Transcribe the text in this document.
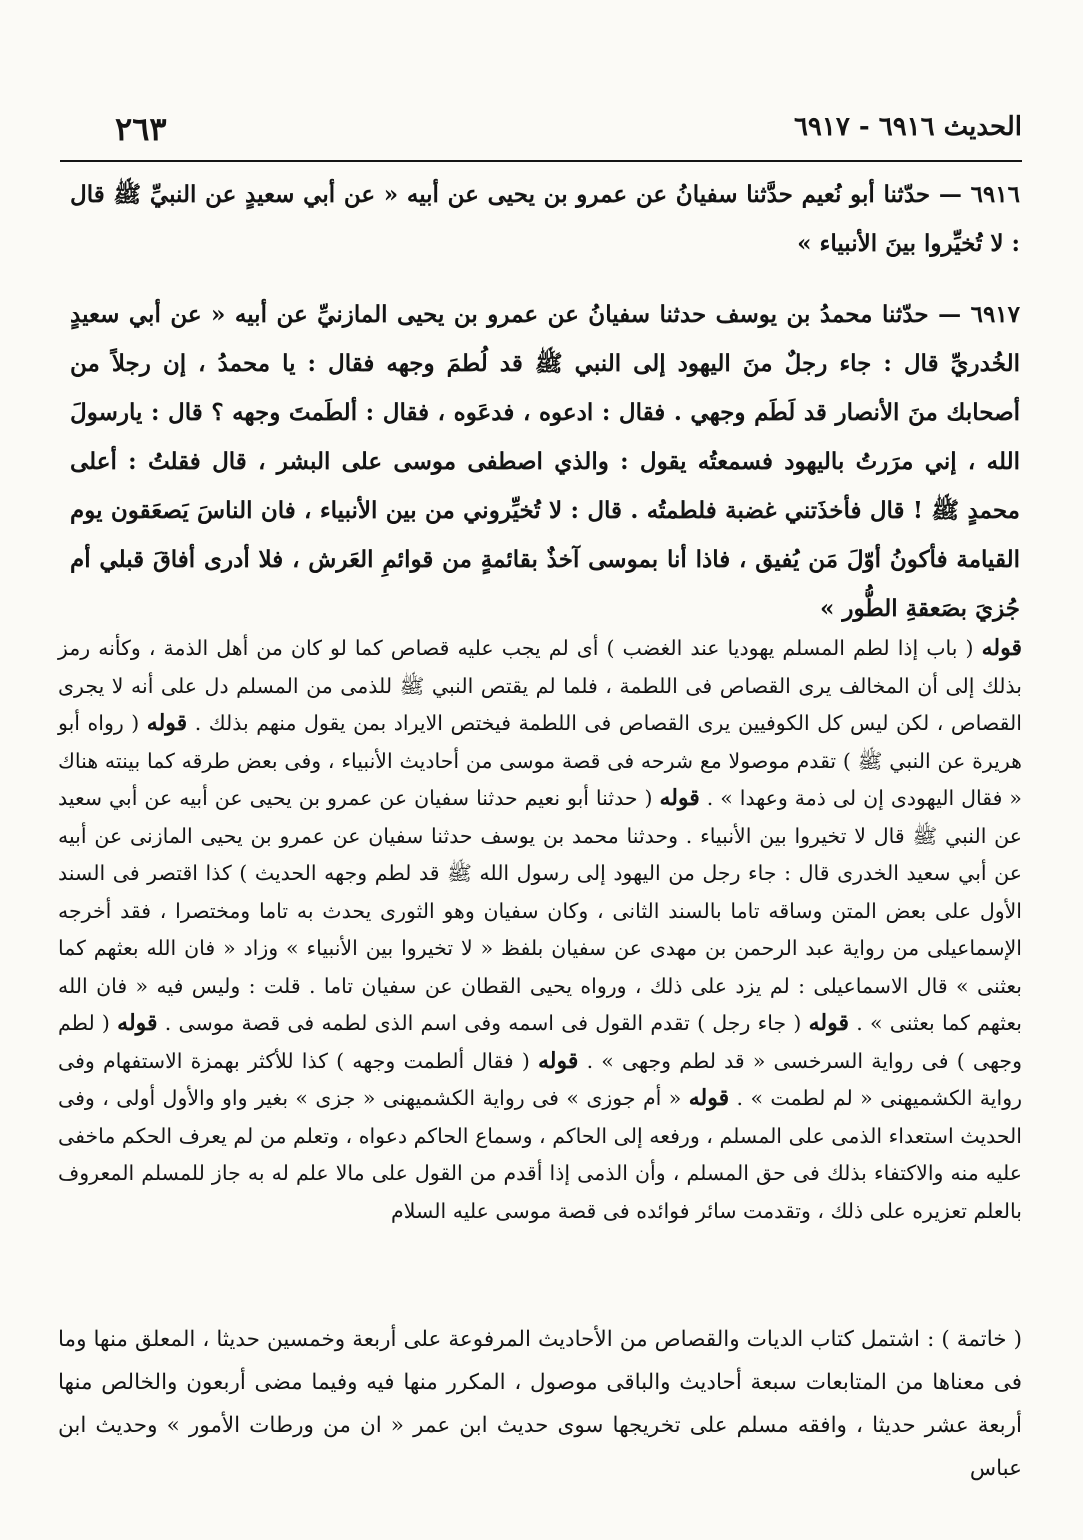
الحديث ٦٩١٦ - ٦٩١٧
٢٦٣
٦٩١٦ — حدّثنا أبو نُعيم حدَّثنا سفيانُ عن عمرو بن يحيى عن أبيه « عن أبي سعيدٍ عن النبيِّ ﷺ قال : لا تُخيِّروا بينَ الأنبياء »
٦٩١٧ — حدّثنا محمدُ بن يوسف حدثنا سفيانُ عن عمرو بن يحيى المازنيِّ عن أبيه « عن أبي سعيدٍ الخُدريِّ قال : جاء رجلٌ منَ اليهود إلى النبي ﷺ قد لُطمَ وجهه فقال : يا محمدُ ، إن رجلاً من أصحابك منَ الأنصار قد لَطَم وجهي . فقال : ادعوه ، فدعَوه ، فقال : ألطَمتَ وجهه ؟ قال : يارسولَ الله ، إني مرَرتُ باليهود فسمعتُه يقول : والذي اصطفى موسى على البشر ، قال فقلتُ : أعلى محمدٍ ﷺ ! قال فأخذَتني غضبة فلطمتُه . قال : لا تُخيِّروني من بين الأنبياء ، فان الناسَ يَصعَقون يوم القيامة فأكونُ أوّلَ مَن يُفيق ، فاذا أنا بموسى آخذٌ بقائمةٍ من قوائمِ العَرش ، فلا أدرى أفاقَ قبلي أم جُزيَ بصَعقةِ الطُّور »

قوله ( باب إذا لطم المسلم يهوديا عند الغضب ) أى لم يجب عليه قصاص كما لو كان من أهل الذمة ، وكأنه رمز بذلك إلى أن المخالف يرى القصاص فى اللطمة ، فلما لم يقتص النبي ﷺ للذمى من المسلم دل على أنه لا يجرى القصاص ، لكن ليس كل الكوفيين يرى القصاص فى اللطمة فيختص الايراد بمن يقول منهم بذلك . قوله ( رواه أبو هريرة عن النبي ﷺ ) تقدم موصولا مع شرحه فى قصة موسى من أحاديث الأنبياء ، وفى بعض طرقه كما بينته هناك « فقال اليهودى إن لى ذمة وعهدا » . قوله ( حدثنا أبو نعيم حدثنا سفيان عن عمرو بن يحيى عن أبيه عن أبي سعيد عن النبي ﷺ قال لا تخيروا بين الأنبياء . وحدثنا محمد بن يوسف حدثنا سفيان عن عمرو بن يحيى المازنى عن أبيه عن أبي سعيد الخدرى قال : جاء رجل من اليهود إلى رسول الله ﷺ قد لطم وجهه الحديث ) كذا اقتصر فى السند الأول على بعض المتن وساقه تاما بالسند الثانى ، وكان سفيان وهو الثورى يحدث به تاما ومختصرا ، فقد أخرجه الإسماعيلى من رواية عبد الرحمن بن مهدى عن سفيان بلفظ « لا تخيروا بين الأنبياء » وزاد « فان الله بعثهم كما بعثنى » قال الاسماعيلى : لم يزد على ذلك ، ورواه يحيى القطان عن سفيان تاما . قلت : وليس فيه « فان الله بعثهم كما بعثنى » . قوله ( جاء رجل ) تقدم القول فى اسمه وفى اسم الذى لطمه فى قصة موسى . قوله ( لطم وجهى ) فى رواية السرخسى « قد لطم وجهى » . قوله ( فقال ألطمت وجهه ) كذا للأكثر بهمزة الاستفهام وفى رواية الكشميهنى « لم لطمت » . قوله « أم جوزى » فى رواية الكشميهنى « جزى » بغير واو والأول أولى ، وفى الحديث استعداء الذمى على المسلم ، ورفعه إلى الحاكم ، وسماع الحاكم دعواه ، وتعلم من لم يعرف الحكم ماخفى عليه منه والاكتفاء بذلك فى حق المسلم ، وأن الذمى إذا أقدم من القول على مالا علم له به جاز للمسلم المعروف بالعلم تعزيره على ذلك ، وتقدمت سائر فوائده فى قصة موسى عليه السلام

( خاتمة ) : اشتمل كتاب الديات والقصاص من الأحاديث المرفوعة على أربعة وخمسين حديثا ، المعلق منها وما فى معناها من المتابعات سبعة أحاديث والباقى موصول ، المكرر منها فيه وفيما مضى أربعون والخالص منها أربعة عشر حديثا ، وافقه مسلم على تخريجها سوى حديث ابن عمر « ان من ورطات الأمور » وحديث ابن عباس
